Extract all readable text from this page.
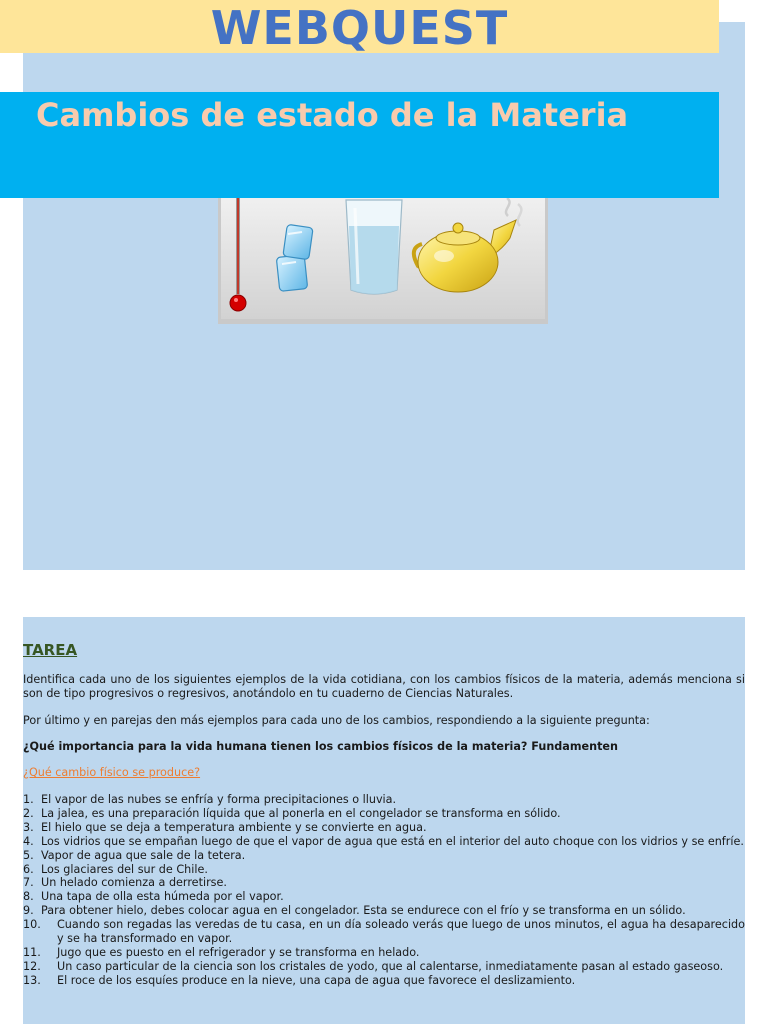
WEBQUEST
Cambios de estado de la Materia
TAREA
Identifica cada uno de los siguientes ejemplos de la vida cotidiana, con los cambios físicos de la materia, además menciona si son de tipo progresivos o regresivos, anotándolo en tu cuaderno de Ciencias Naturales.
Por último y en parejas den más ejemplos para cada uno de los cambios, respondiendo a la siguiente pregunta:
¿Qué importancia para la vida humana tienen los cambios físicos de la materia? Fundamenten
¿Qué cambio físico se produce?
1. El vapor de las nubes se enfría y forma precipitaciones o lluvia.
2. La jalea, es una preparación líquida que al ponerla en el congelador se transforma en sólido.
3. El hielo que se deja a temperatura ambiente y se convierte en agua.
4. Los vidrios que se empañan luego de que el vapor de agua que está en el interior del auto choque con los vidrios y se enfríe.
5. Vapor de agua que sale de la tetera.
6. Los glaciares del sur de Chile.
7. Un helado comienza a derretirse.
8. Una tapa de olla esta húmeda por el vapor.
9. Para obtener hielo, debes colocar agua en el congelador. Esta se endurece con el frío y se transforma en un sólido.
10.	Cuando son regadas las veredas de tu casa, en un día soleado verás que luego de unos minutos, el agua ha desaparecido y se ha transformado en vapor.
11.	Jugo que es puesto en el refrigerador y se transforma en helado.
12.	Un caso particular de la ciencia son los cristales de yodo, que al calentarse, inmediatamente pasan al estado gaseoso.
13.	El roce de los esquíes produce en la nieve, una capa de agua que favorece el deslizamiento.
